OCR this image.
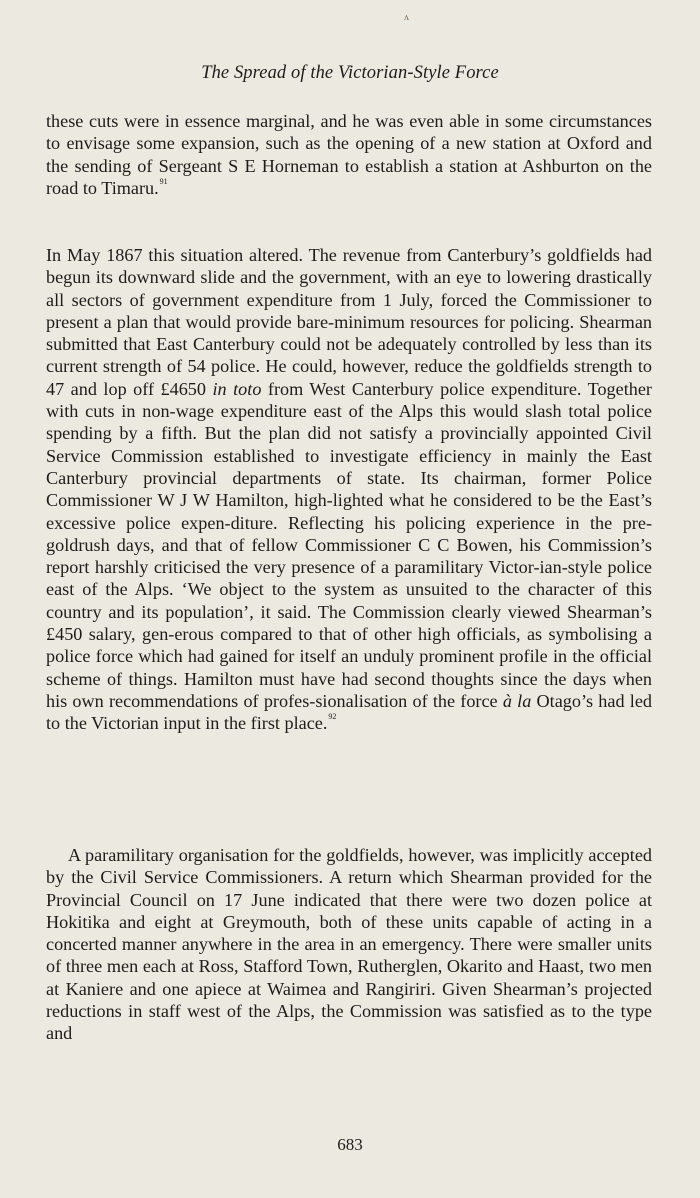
ʌ
The Spread of the Victorian-Style Force

these cuts were in essence marginal, and he was even able in some circumstances to envisage some expansion, such as the opening of a new station at Oxford and the sending of Sergeant S E Horneman to establish a station at Ashburton on the road to Timaru.$^{91}$

In May 1867 this situation altered. The revenue from Canterbury’s goldfields had begun its downward slide and the government, with an eye to lowering drastically all sectors of government expenditure from 1 July, forced the Commissioner to present a plan that would provide bare-minimum resources for policing. Shearman submitted that East Canterbury could not be adequately controlled by less than its current strength of 54 police. He could, however, reduce the goldfields strength to 47 and lop off £4650 in toto from West Canterbury police expenditure. Together with cuts in non-wage expenditure east of the Alps this would slash total police spending by a fifth. But the plan did not satisfy a provincially appointed Civil Service Commission established to investigate efficiency in mainly the East Canterbury provincial departments of state. Its chairman, former Police Commissioner W J W Hamilton, high-lighted what he considered to be the East’s excessive police expen-diture. Reflecting his policing experience in the pre-goldrush days, and that of fellow Commissioner C C Bowen, his Commission’s report harshly criticised the very presence of a paramilitary Victor-ian-style police east of the Alps. ‘We object to the system as unsuited to the character of this country and its population’, it said. The Commission clearly viewed Shearman’s £450 salary, gen-erous compared to that of other high officials, as symbolising a police force which had gained for itself an unduly prominent profile in the official scheme of things. Hamilton must have had second thoughts since the days when his own recommendations of profes-sionalisation of the force à la Otago’s had led to the Victorian input in the first place.$^{92}$

A paramilitary organisation for the goldfields, however, was implicitly accepted by the Civil Service Commissioners. A return which Shearman provided for the Provincial Council on 17 June indicated that there were two dozen police at Hokitika and eight at Greymouth, both of these units capable of acting in a concerted manner anywhere in the area in an emergency. There were smaller units of three men each at Ross, Stafford Town, Rutherglen, Okarito and Haast, two men at Kaniere and one apiece at Waimea and Rangiriri. Given Shearman’s projected reductions in staff west of the Alps, the Commission was satisfied as to the type and

683
